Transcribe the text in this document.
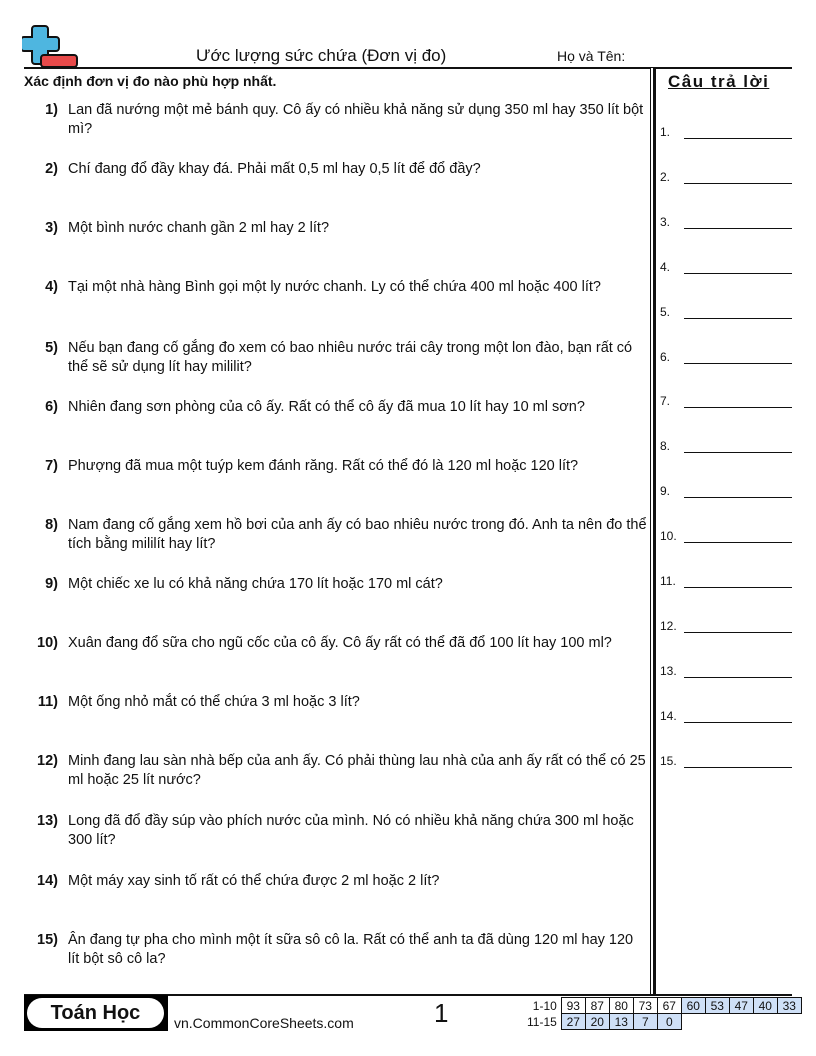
Ước lượng sức chứa (Đơn vị đo)	Họ và Tên:
Xác định đơn vị đo nào phù hợp nhất.	Câu trả lời
1) Lan đã nướng một mẻ bánh quy. Cô ấy có nhiều khả năng sử dụng 350 ml hay 350 lít bột mì?
2) Chí đang đổ đầy khay đá. Phải mất 0,5 ml hay 0,5 lít để đổ đầy?
3) Một bình nước chanh gần 2 ml hay 2 lít?
4) Tại một nhà hàng Bình gọi một ly nước chanh. Ly có thể chứa 400 ml hoặc 400 lít?
5) Nếu bạn đang cố gắng đo xem có bao nhiêu nước trái cây trong một lon đào, bạn rất có thể sẽ sử dụng lít hay mililit?
6) Nhiên đang sơn phòng của cô ấy. Rất có thể cô ấy đã mua 10 lít hay 10 ml sơn?
7) Phượng đã mua một tuýp kem đánh răng. Rất có thể đó là 120 ml hoặc 120 lít?
8) Nam đang cố gắng xem hồ bơi của anh ấy có bao nhiêu nước trong đó. Anh ta nên đo thể tích bằng mililít hay lít?
9) Một chiếc xe lu có khả năng chứa 170 lít hoặc 170 ml cát?
10) Xuân đang đổ sữa cho ngũ cốc của cô ấy. Cô ấy rất có thể đã đổ 100 lít hay 100 ml?
11) Một ống nhỏ mắt có thể chứa 3 ml hoặc 3 lít?
12) Minh đang lau sàn nhà bếp của anh ấy. Có phải thùng lau nhà của anh ấy rất có thể có 25 ml hoặc 25 lít nước?
13) Long đã đổ đầy súp vào phích nước của mình. Nó có nhiều khả năng chứa 300 ml hoặc 300 lít?
14) Một máy xay sinh tố rất có thể chứa được 2 ml hoặc 2 lít?
15) Ân đang tự pha cho mình một ít sữa sô cô la. Rất có thể anh ta đã dùng 120 ml hay 120 lít bột sô cô la?
1.
2.
3.
4.
5.
6.
7.
8.
9.
10.
11.
12.
13.
14.
15.
Toán Học	vn.CommonCoreSheets.com	1	1-10	93	87	80	73	67	60	53	47	40	33
11-15	27	20	13	7	0					
